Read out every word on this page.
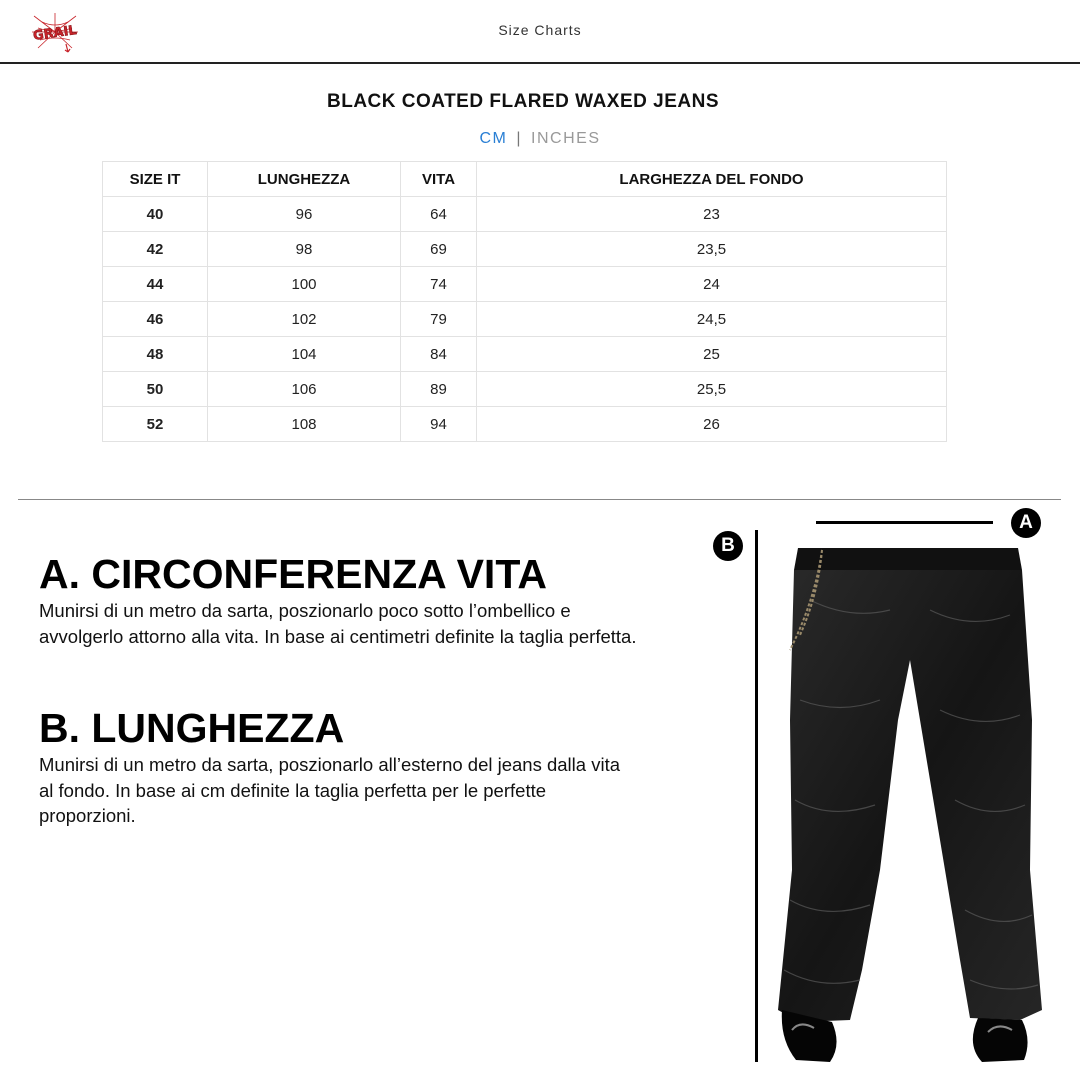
GRAIL	Size Charts
BLACK COATED FLARED WAXED JEANS
CM | INCHES
SIZE IT	LUNGHEZZA	VITA	LARGHEZZA DEL FONDO
40	96	64	23
42	98	69	23,5
44	100	74	24
46	102	79	24,5
48	104	84	25
50	106	89	25,5
52	108	94	26
A. CIRCONFERENZA VITA

Munirsi di un metro da sarta, poszionarlo poco sotto l’ombellico e avvolgerlo attorno alla vita. In base ai centimetri definite la taglia perfetta.

B. LUNGHEZZA

Munirsi di un metro da sarta, poszionarlo all’esterno del jeans dalla vita al fondo. In base ai cm definite la taglia perfetta per le perfette proporzioni.

B
A
